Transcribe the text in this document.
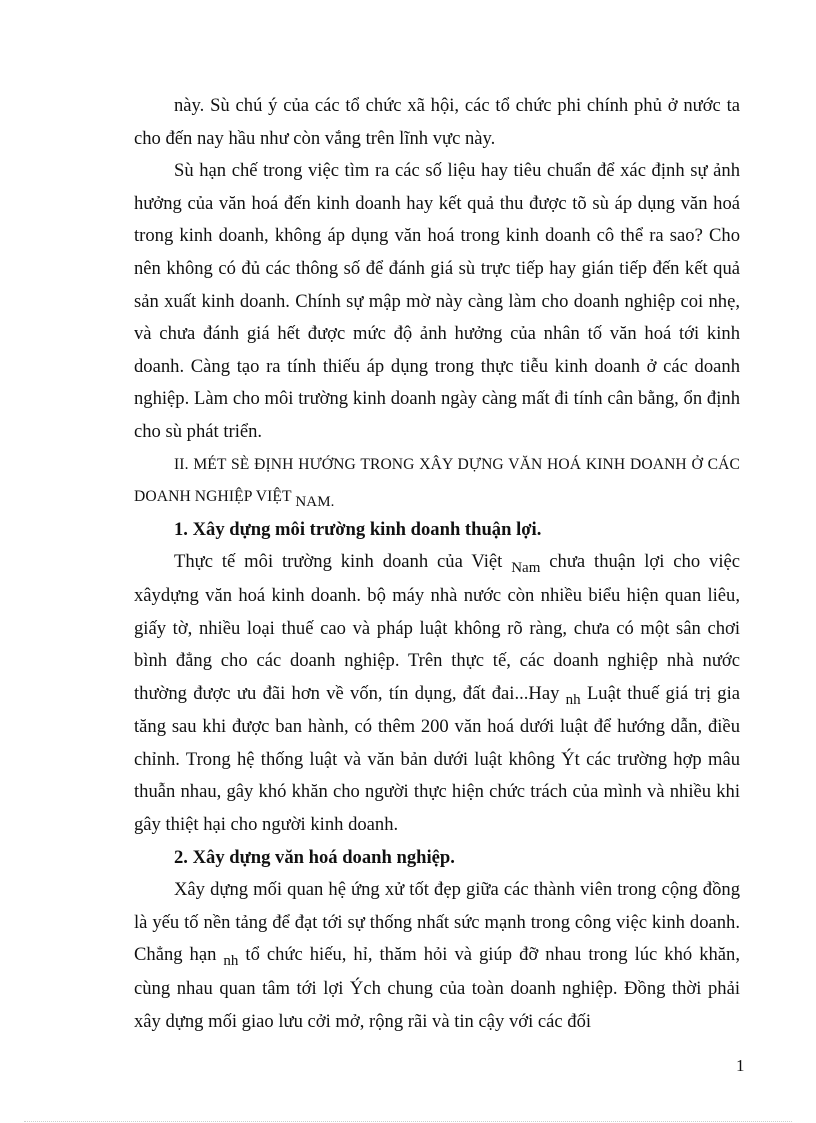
này. Sù chú ý của các tổ chức xã hội, các tổ chức phi chính phủ ở nước ta cho đến nay hầu như còn vắng trên lĩnh vực này.

Sù hạn chế trong việc tìm ra các số liệu hay tiêu chuẩn để xác định sự ảnh hưởng của văn hoá đến kinh doanh hay kết quả thu được tõ sù áp dụng văn hoá trong kinh doanh, không áp dụng văn hoá trong kinh doanh cô thể ra sao? Cho nên không có đủ các thông số để đánh giá sù trực tiếp hay gián tiếp đến kết quả sản xuất kinh doanh. Chính sự mập mờ này càng làm cho doanh nghiệp coi nhẹ, và chưa đánh giá hết được mức độ ảnh hưởng của nhân tố văn hoá tới kinh doanh. Càng tạo ra tính thiếu áp dụng trong thực tiễu kinh doanh ở các doanh nghiệp. Làm cho môi trường kinh doanh ngày càng mất đi tính cân bằng, ổn định cho sù phát triển.

II. MÉT SÈ ĐỊNH HƯỚNG TRONG XÂY DỰNG VĂN HOÁ KINH DOANH Ở CÁC DOANH NGHIỆP VIỆT NAM.

1. Xây dựng môi trường kinh doanh thuận lợi.

Thực tế môi trường kinh doanh của Việt $_{Nam}$ chưa thuận lợi cho việc xâydựng văn hoá kinh doanh. bộ máy nhà nước còn nhiều biểu hiện quan liêu, giấy tờ, nhiều loại thuế cao và pháp luật không rõ ràng, chưa có một sân chơi bình đẳng cho các doanh nghiệp. Trên thực tế, các doanh nghiệp nhà nước thường được ưu đãi hơn về vốn, tín dụng, đất đai...Hay $_{nh}$ Luật thuế giá trị gia tăng sau khi được ban hành, có thêm 200 văn hoá dưới luật để hướng dẫn, điều chỉnh. Trong hệ thống luật và văn bản dưới luật không Ýt các trường hợp mâu thuẫn nhau, gây khó khăn cho người thực hiện chức trách của mình và nhiều khi gây thiệt hại cho người kinh doanh.

2. Xây dựng văn hoá doanh nghiệp.

Xây dựng mối quan hệ ứng xử tốt đẹp giữa các thành viên trong cộng đồng là yếu tố nền tảng để đạt tới sự thống nhất sức mạnh trong công việc kinh doanh. Chẳng hạn $_{nh}$ tổ chức hiếu, hỉ, thăm hỏi và giúp đỡ nhau trong lúc khó khăn, cùng nhau quan tâm tới lợi Ých chung của toàn doanh nghiệp. Đồng thời phải xây dựng mối giao lưu cởi mở, rộng rãi và tin cậy với các đối

1
